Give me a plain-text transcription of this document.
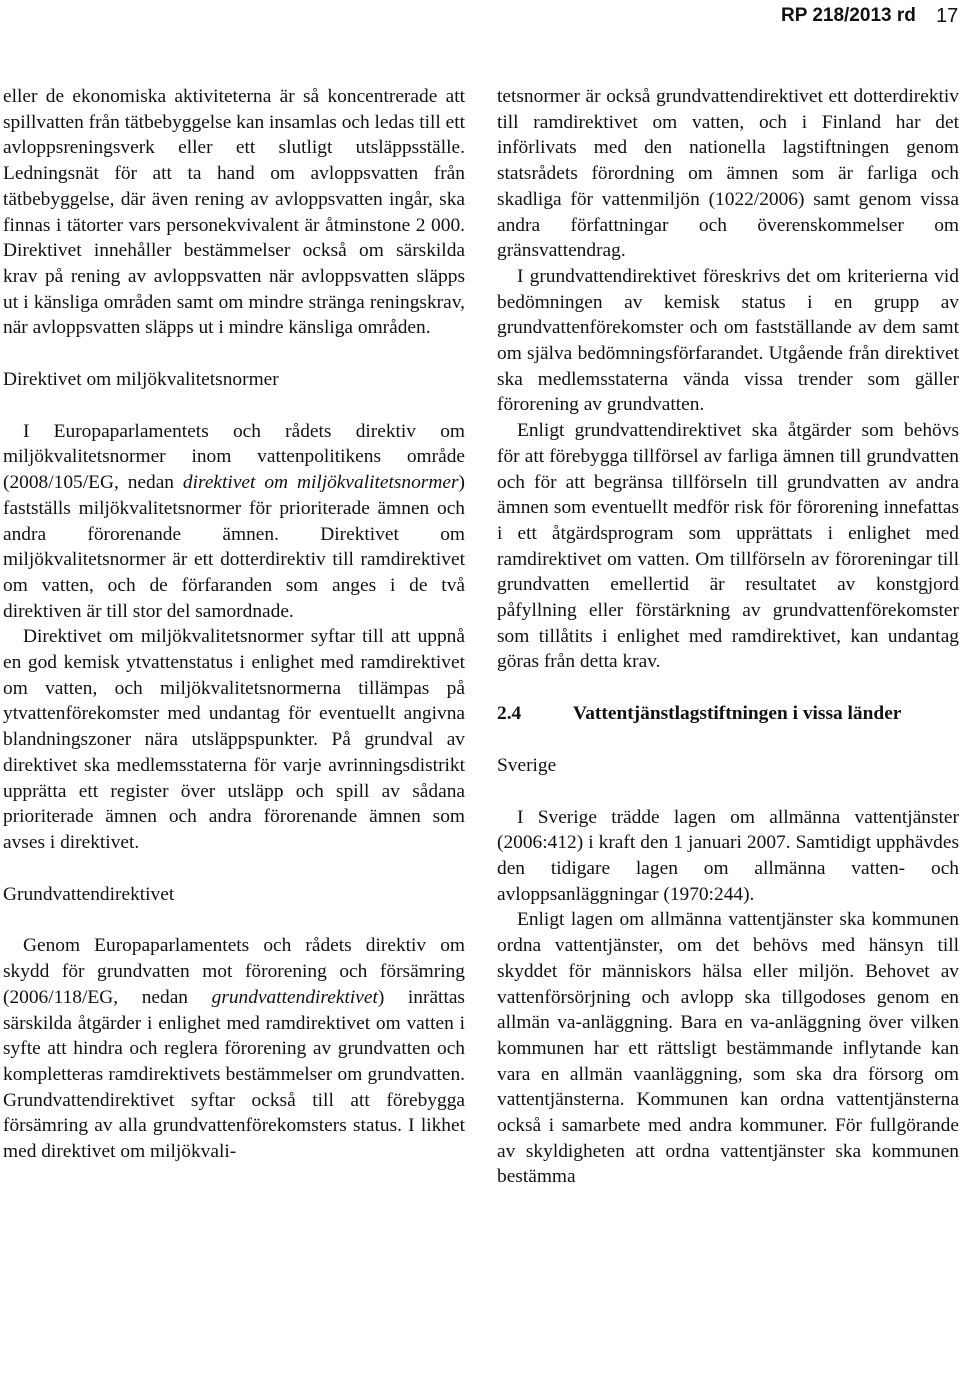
RP 218/2013 rd 17

eller de ekonomiska aktiviteterna är så koncentrerade att spillvatten från tätbebyggelse kan insamlas och ledas till ett avloppsreningsverk eller ett slutligt utsläppsställe. Ledningsnät för att ta hand om avloppsvatten från tätbebyggelse, där även rening av avloppsvatten ingår, ska finnas i tätorter vars personekvivalent är åtminstone 2 000. Direktivet innehåller bestämmelser också om särskilda krav på rening av avloppsvatten när avloppsvatten släpps ut i känsliga områden samt om mindre stränga reningskrav, när avloppsvatten släpps ut i mindre känsliga områden.

Direktivet om miljökvalitetsnormer

I Europaparlamentets och rådets direktiv om miljökvalitetsnormer inom vattenpolitikens område (2008/105/EG, nedan direktivet om miljökvalitetsnormer) fastställs miljökvalitetsnormer för prioriterade ämnen och andra förorenande ämnen. Direktivet om miljökvalitetsnormer är ett dotterdirektiv till ramdirektivet om vatten, och de förfaranden som anges i de två direktiven är till stor del samordnade.

Direktivet om miljökvalitetsnormer syftar till att uppnå en god kemisk ytvattenstatus i enlighet med ramdirektivet om vatten, och miljökvalitetsnormerna tillämpas på ytvattenförekomster med undantag för eventuellt angivna blandningszoner nära utsläppspunkter. På grundval av direktivet ska medlemsstaterna för varje avrinningsdistrikt upprätta ett register över utsläpp och spill av sådana prioriterade ämnen och andra förorenande ämnen som avses i direktivet.

Grundvattendirektivet

Genom Europaparlamentets och rådets direktiv om skydd för grundvatten mot förorening och försämring (2006/118/EG, nedan grundvattendirektivet) inrättas särskilda åtgärder i enlighet med ramdirektivet om vatten i syfte att hindra och reglera förorening av grundvatten och kompletteras ramdirektivets bestämmelser om grundvatten. Grundvattendirektivet syftar också till att förebygga försämring av alla grundvattenförekomsters status. I likhet med direktivet om miljökvali-

tetsnormer är också grundvattendirektivet ett dotterdirektiv till ramdirektivet om vatten, och i Finland har det införlivats med den nationella lagstiftningen genom statsrådets förordning om ämnen som är farliga och skadliga för vattenmiljön (1022/2006) samt genom vissa andra författningar och överenskommelser om gränsvattendrag.

I grundvattendirektivet föreskrivs det om kriterierna vid bedömningen av kemisk status i en grupp av grundvattenförekomster och om fastställande av dem samt om själva bedömningsförfarandet. Utgående från direktivet ska medlemsstaterna vända vissa trender som gäller förorening av grundvatten.

Enligt grundvattendirektivet ska åtgärder som behövs för att förebygga tillförsel av farliga ämnen till grundvatten och för att begränsa tillförseln till grundvatten av andra ämnen som eventuellt medför risk för förorening innefattas i ett åtgärdsprogram som upprättats i enlighet med ramdirektivet om vatten. Om tillförseln av föroreningar till grundvatten emellertid är resultatet av konstgjord påfyllning eller förstärkning av grundvattenförekomster som tillåtits i enlighet med ramdirektivet, kan undantag göras från detta krav.

2.4	Vattentjänstlagstiftningen i vissa länder
Sverige

I Sverige trädde lagen om allmänna vattentjänster (2006:412) i kraft den 1 januari 2007. Samtidigt upphävdes den tidigare lagen om allmänna vatten- och avloppsanläggningar (1970:244).

Enligt lagen om allmänna vattentjänster ska kommunen ordna vattentjänster, om det behövs med hänsyn till skyddet för människors hälsa eller miljön. Behovet av vattenförsörjning och avlopp ska tillgodoses genom en allmän va-anläggning. Bara en va-anläggning över vilken kommunen har ett rättsligt bestämmande inflytande kan vara en allmän vaanläggning, som ska dra försorg om vattentjänsterna. Kommunen kan ordna vattentjänsterna också i samarbete med andra kommuner. För fullgörande av skyldigheten att ordna vattentjänster ska kommunen bestämma
